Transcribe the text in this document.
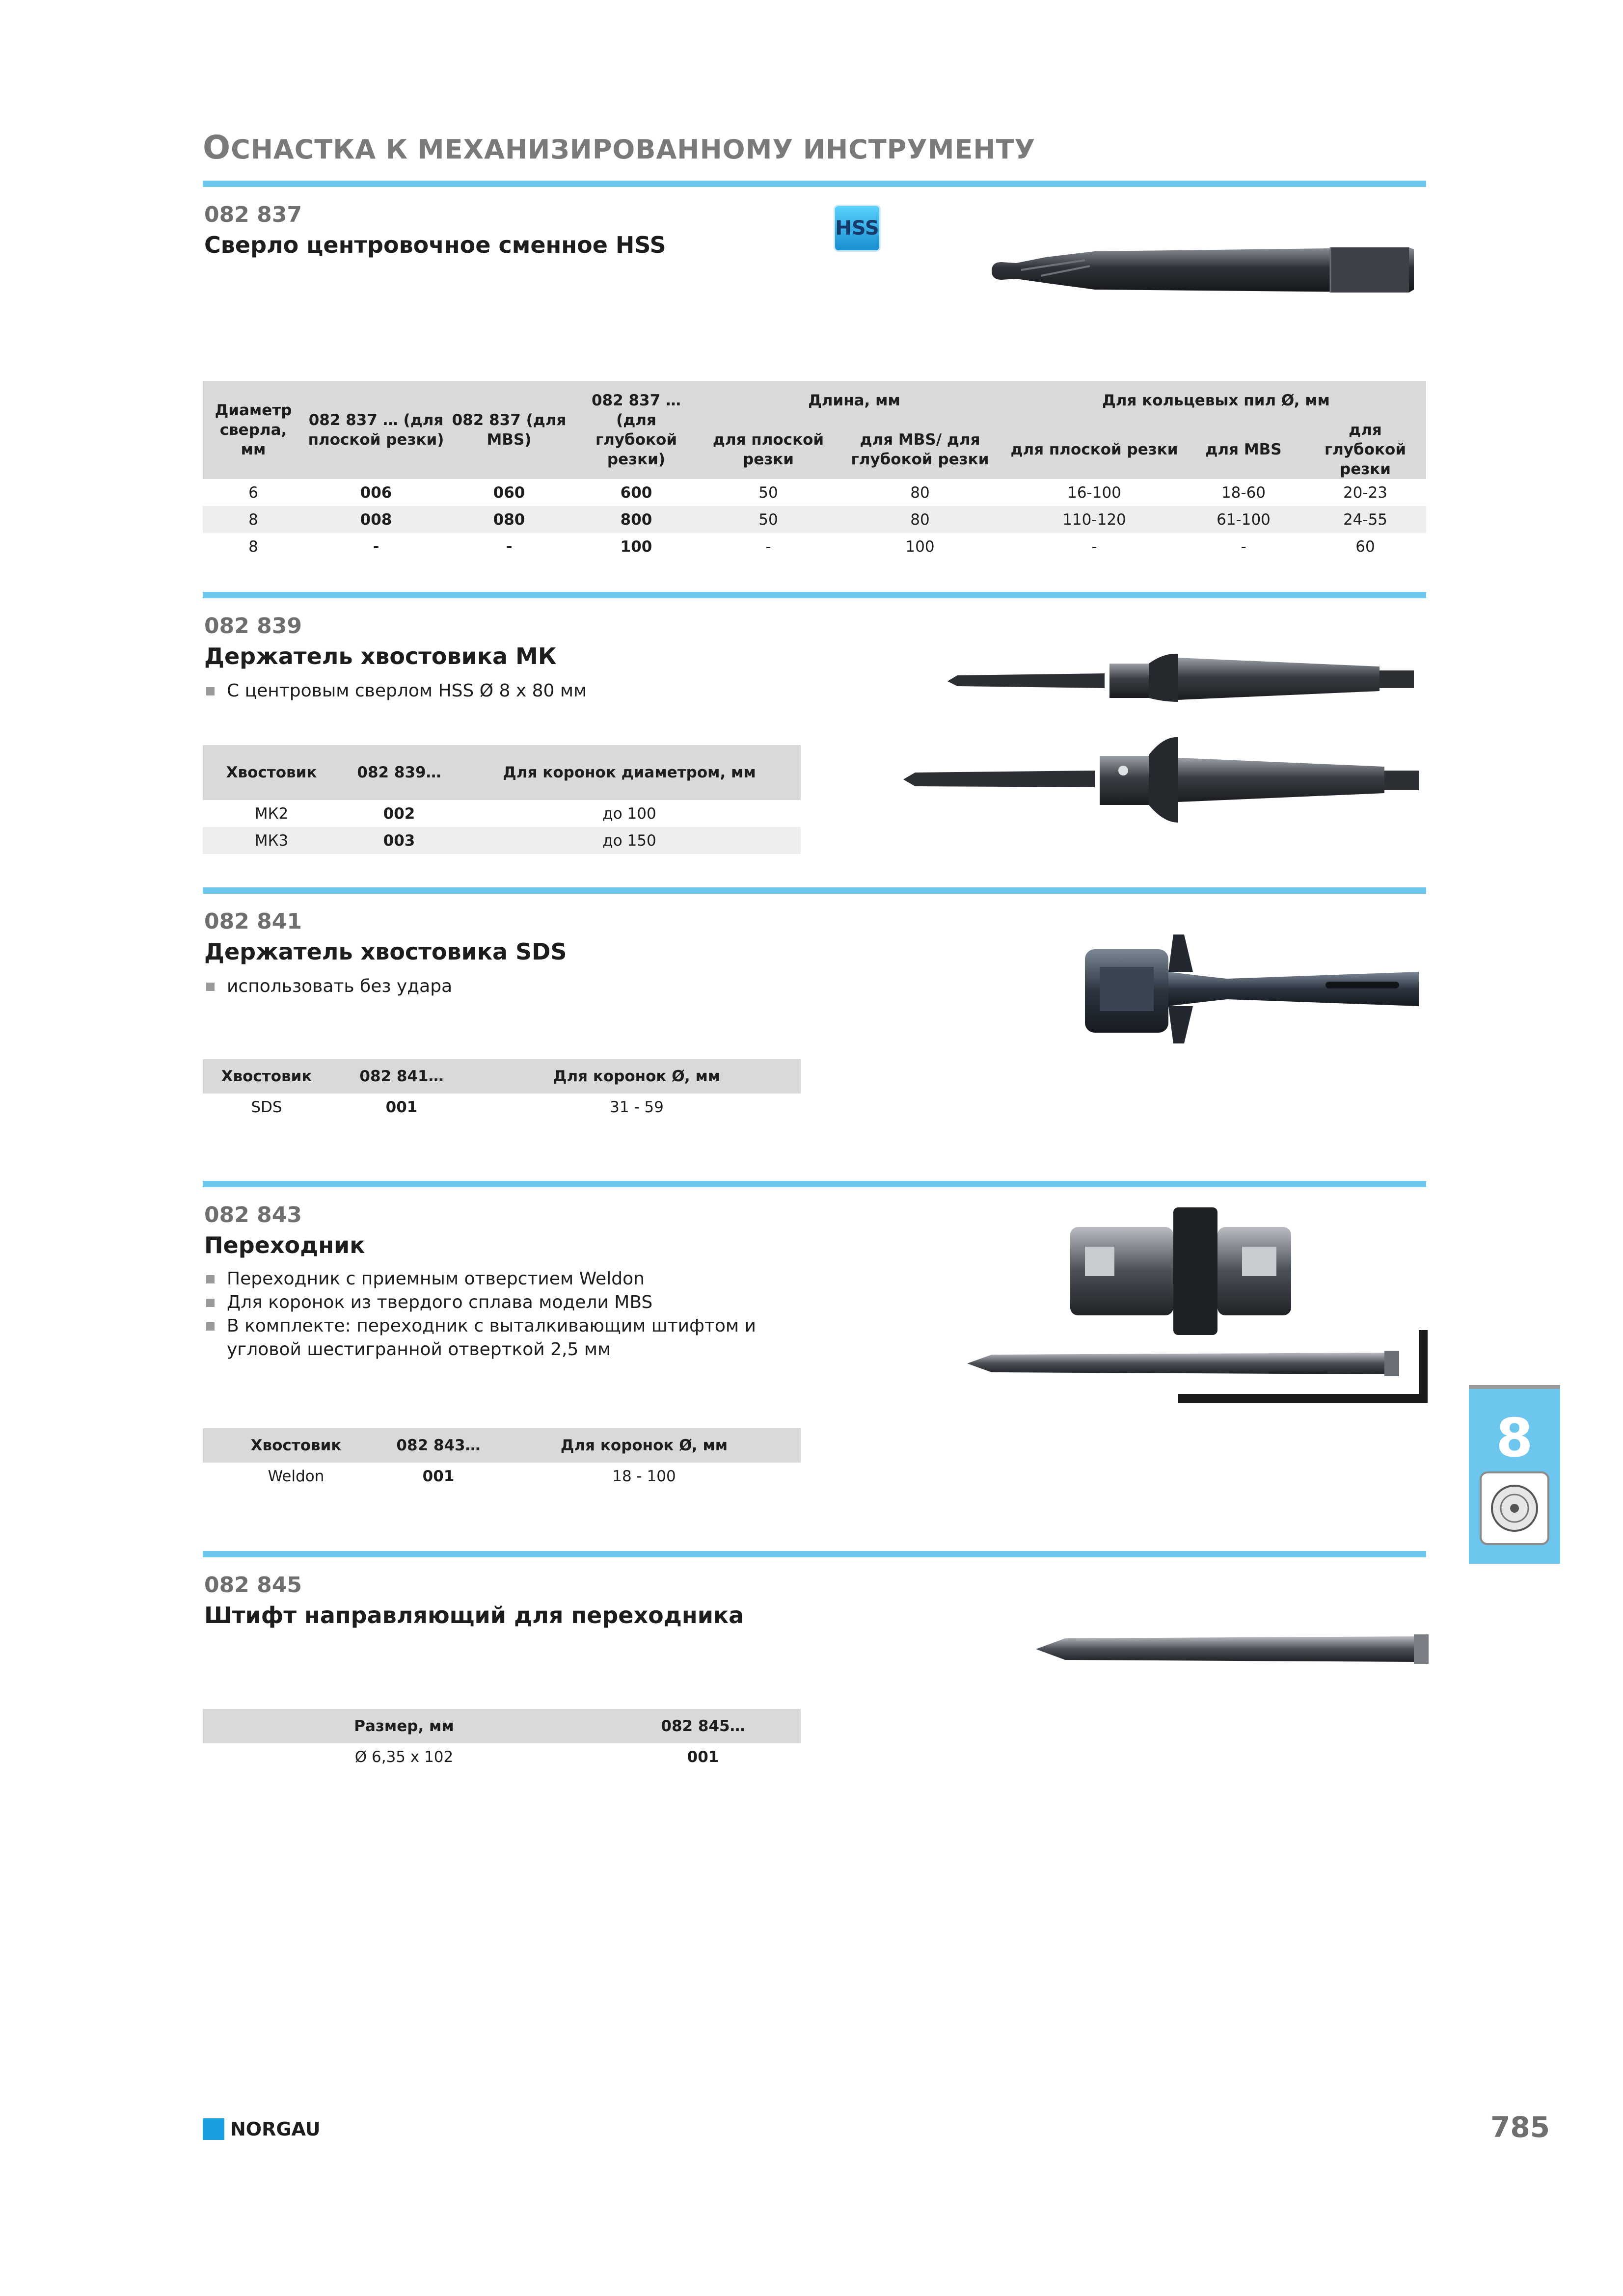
ОСНАСТКА К МЕХАНИЗИРОВАННОМУ ИНСТРУМЕНТУ
082 837
Сверло центровочное сменное HSS
HSS
Диаметр сверла, мм	082 837 … (для плоской резки)	082 837 (для MBS)	082 837 … (для глубокой резки)	Длина, мм		Для кольцевых пил Ø, мм		
				для плоской резки	для MBS/ для глубокой резки	для плоской резки	для MBS	для глубокой резки
6	006	060	600	50	80	16-100	18-60	20-23
8	008	080	800	50	80	110-120	61-100	24-55
8	-	-	100	-	100	-	-	60
082 839
Держатель хвостовика МК
С центровым сверлом HSS Ø 8 х 80 мм
Хвостовик	082 839…	Для коронок диаметром, мм
МК2	002	до 100
МК3	003	до 150
082 841
Держатель хвостовика SDS
использовать без удара
Хвостовик	082 841…	Для коронок Ø, мм
SDS	001	31 - 59
082 843
Переходник
Переходник с приемным отверстием Weldon
Для коронок из твердого сплава модели MBS
В комплекте: переходник с выталкивающим штифтом и угловой шестигранной отверткой 2,5 мм
Хвостовик	082 843…	Для коронок Ø, мм
Weldon	001	18 - 100
082 845
Штифт направляющий для переходника
Размер, мм	082 845…
Ø 6,35 х 102	001
8
NORGAU	785
